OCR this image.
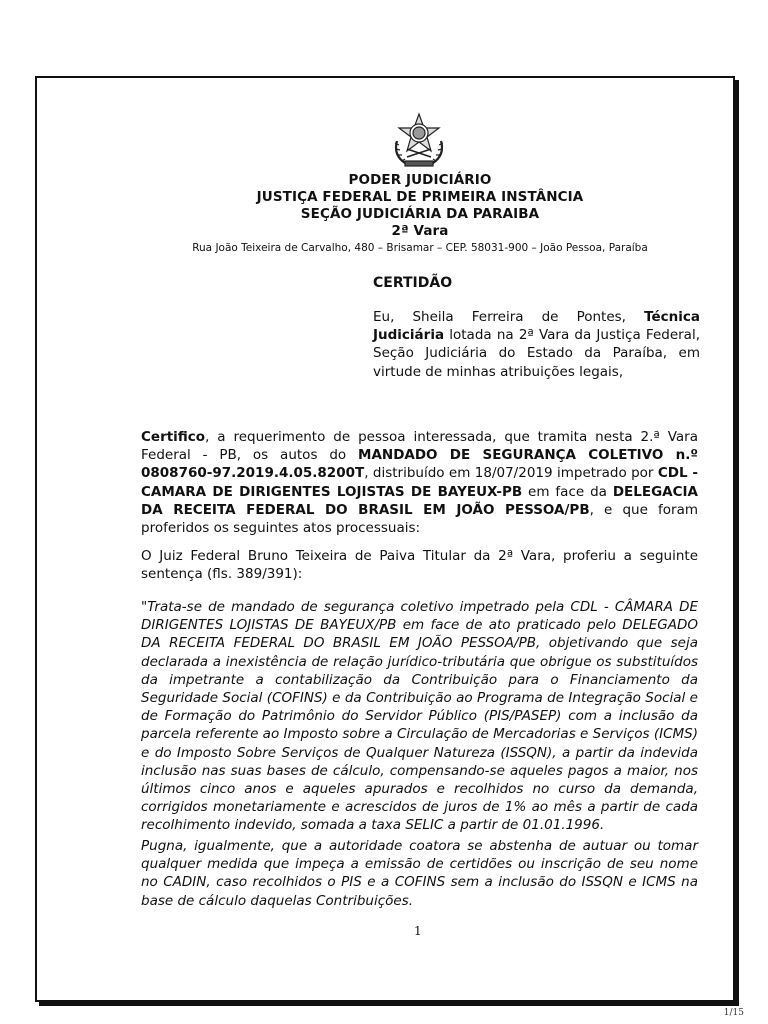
PODER JUDICIÁRIO
JUSTIÇA FEDERAL DE PRIMEIRA INSTÂNCIA
SEÇÃO JUDICIÁRIA DA PARAIBA
2ª Vara
Rua João Teixeira de Carvalho, 480 – Brisamar – CEP. 58031-900 – João Pessoa, Paraíba
CERTIDÃO
Eu, Sheila Ferreira de Pontes, Técnica Judiciária lotada na 2ª Vara da Justiça Federal, Seção Judiciária do Estado da Paraíba, em virtude de minhas atribuições legais,
Certifico, a requerimento de pessoa interessada, que tramita nesta 2.ª Vara Federal - PB, os autos do MANDADO DE SEGURANÇA COLETIVO n.º 0808760-97.2019.4.05.8200T, distribuído em 18/07/2019 impetrado por CDL - CAMARA DE DIRIGENTES LOJISTAS DE BAYEUX-PB em face da DELEGACIA DA RECEITA FEDERAL DO BRASIL EM JOÃO PESSOA/PB, e que foram proferidos os seguintes atos processuais:
O Juiz Federal Bruno Teixeira de Paiva Titular da 2ª Vara, proferiu a seguinte sentença (fls. 389/391):
"Trata-se de mandado de segurança coletivo impetrado pela CDL - CÂMARA DE DIRIGENTES LOJISTAS DE BAYEUX/PB em face de ato praticado pelo DELEGADO DA RECEITA FEDERAL DO BRASIL EM JOÃO PESSOA/PB, objetivando que seja declarada a inexistência de relação jurídico-tributária que obrigue os substituídos da impetrante a contabilização da Contribuição para o Financiamento da Seguridade Social (COFINS) e da Contribuição ao Programa de Integração Social e de Formação do Patrimônio do Servidor Público (PIS/PASEP) com a inclusão da parcela referente ao Imposto sobre a Circulação de Mercadorias e Serviços (ICMS) e do Imposto Sobre Serviços de Qualquer Natureza (ISSQN), a partir da indevida inclusão nas suas bases de cálculo, compensando-se aqueles pagos a maior, nos últimos cinco anos e aqueles apurados e recolhidos no curso da demanda, corrigidos monetariamente e acrescidos de juros de 1% ao mês a partir de cada recolhimento indevido, somada a taxa SELIC a partir de 01.01.1996.
Pugna, igualmente, que a autoridade coatora se abstenha de autuar ou tomar qualquer medida que impeça a emissão de certidões ou inscrição de seu nome no CADIN, caso recolhidos o PIS e a COFINS sem a inclusão do ISSQN e ICMS na base de cálculo daquelas Contribuições.
1
1/15
